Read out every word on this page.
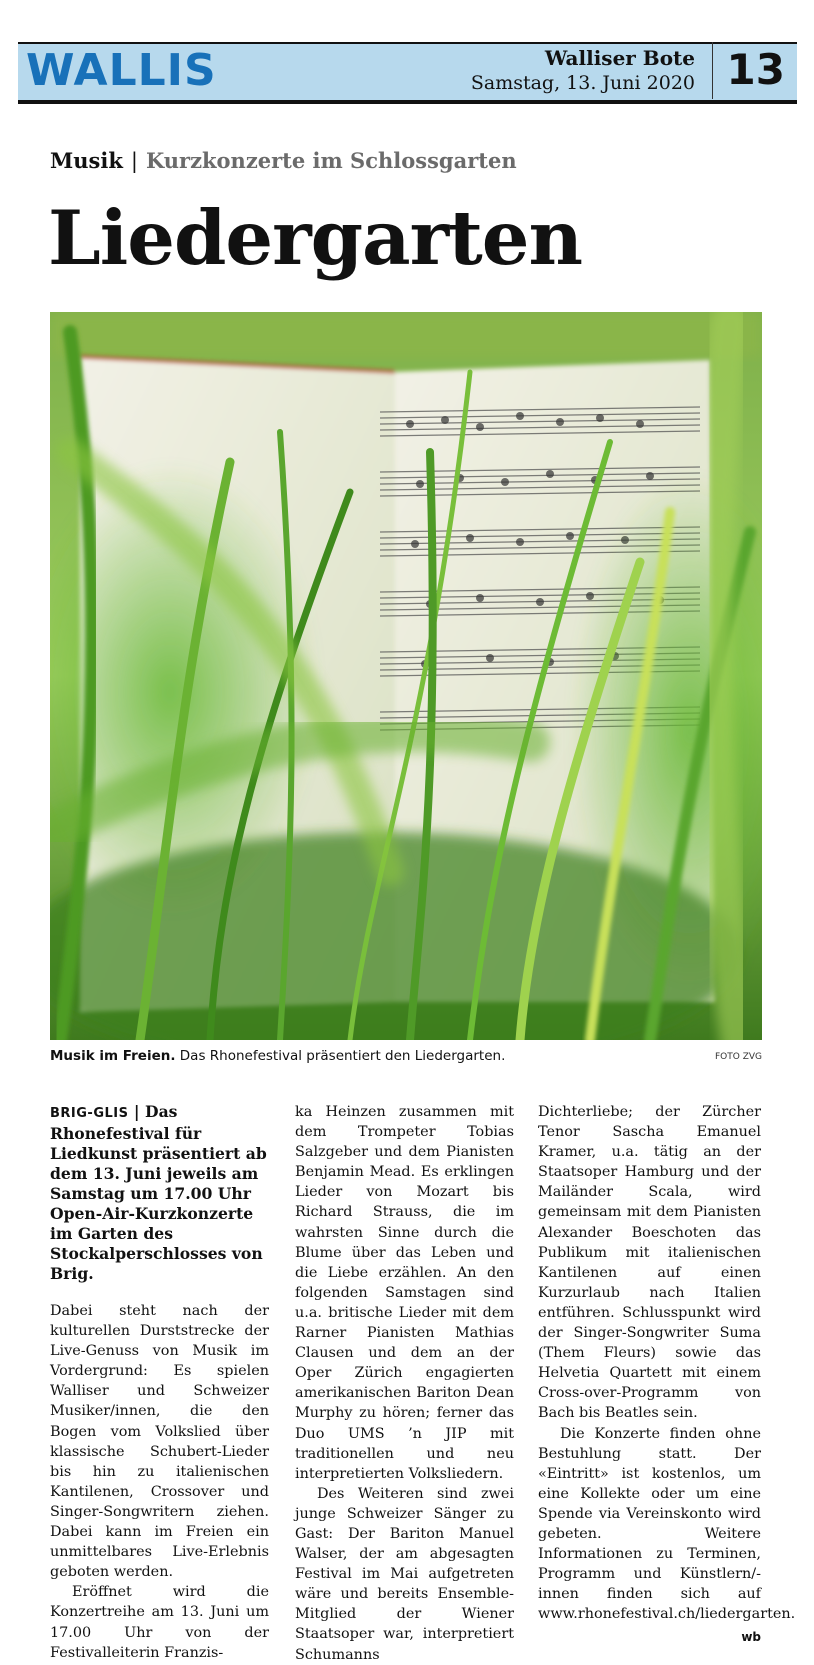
WALLIS	Walliser Bote
Samstag, 13. Juni 2020 13
Musik | Kurzkonzerte im Schlossgarten
Liedergarten
Musik im Freien. Das Rhonefestival präsentiert den Liedergarten.	FOTO ZVG

BRIG-GLIS | Das Rhonefestival für Liedkunst präsentiert ab dem 13. Juni jeweils am Samstag um 17.00 Uhr Open-Air-Kurzkonzerte im Garten des Stockalperschlosses von Brig.

Dabei steht nach der kulturellen Durststrecke der Live-Genuss von Musik im Vordergrund: Es spielen Walliser und Schweizer Musiker/innen, die den Bogen vom Volkslied über klassische Schubert-Lieder bis hin zu italienischen Kantilenen, Crossover und Singer-Songwritern ziehen. Dabei kann im Freien ein unmittelbares Live-Erlebnis geboten werden.

Eröffnet wird die Konzertreihe am 13. Juni um 17.00 Uhr von der Festivalleiterin Franzis-

ka Heinzen zusammen mit dem Trompeter Tobias Salzgeber und dem Pianisten Benjamin Mead. Es erklingen Lieder von Mozart bis Richard Strauss, die im wahrsten Sinne durch die Blume über das Leben und die Liebe erzählen. An den folgenden Samstagen sind u.a. britische Lieder mit dem Rarner Pianisten Mathias Clausen und dem an der Oper Zürich engagierten amerikanischen Bariton Dean Murphy zu hören; ferner das Duo UMS ’n JIP mit traditionellen und neu interpretierten Volksliedern.

Des Weiteren sind zwei junge Schweizer Sänger zu Gast: Der Bariton Manuel Walser, der am abgesagten Festival im Mai aufgetreten wäre und bereits Ensemble-Mitglied der Wiener Staatsoper war, interpretiert Schumanns

Dichterliebe; der Zürcher Tenor Sascha Emanuel Kramer, u.a. tätig an der Staatsoper Hamburg und der Mailänder Scala, wird gemeinsam mit dem Pianisten Alexander Boeschoten das Publikum mit italienischen Kantilenen auf einen Kurzurlaub nach Italien entführen. Schlusspunkt wird der Singer-Songwriter Suma (Them Fleurs) sowie das Helvetia Quartett mit einem Cross-over-Programm von Bach bis Beatles sein.

Die Konzerte finden ohne Bestuhlung statt. Der «Eintritt» ist kostenlos, um eine Kollekte oder um eine Spende via Vereinskonto wird gebeten. Weitere Informationen zu Terminen, Programm und Künstlern/-innen finden sich auf www.rhonefestival.ch/liedergarten.

wb
